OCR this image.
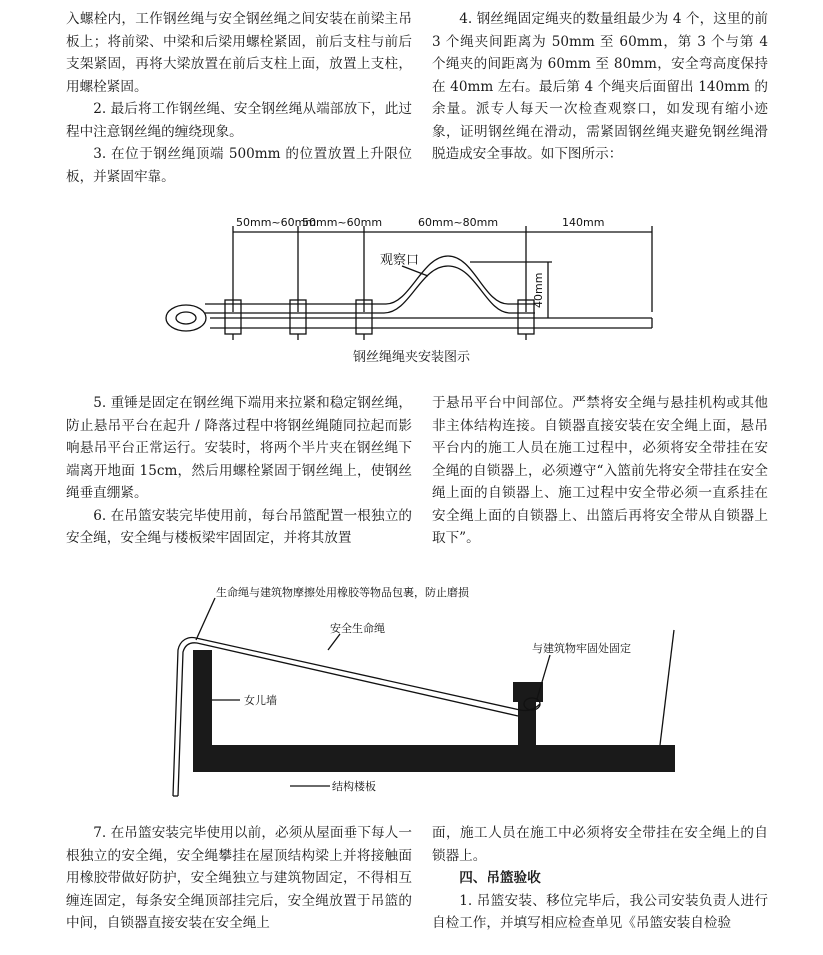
入螺栓内，工作钢丝绳与安全钢丝绳之间安装在前梁主吊板上；将前梁、中梁和后梁用螺栓紧固，前后支柱与前后支架紧固，再将大梁放置在前后支柱上面，放置上支柱，用螺栓紧固。

2. 最后将工作钢丝绳、安全钢丝绳从端部放下，此过程中注意钢丝绳的缠绕现象。

3. 在位于钢丝绳顶端 500mm 的位置放置上升限位板，并紧固牢靠。

4. 钢丝绳固定绳夹的数量组最少为 4 个，这里的前 3 个绳夹间距离为 50mm 至 60mm，第 3 个与第 4 个绳夹的间距离为 60mm 至 80mm，安全弯高度保持在 40mm 左右。最后第 4 个绳夹后面留出 140mm 的余量。派专人每天一次检查观察口，如发现有缩小迹象，证明钢丝绳在滑动，需紧固钢丝绳夹避免钢丝绳滑脱造成安全事故。如下图所示：

50mm~60mm
50mm~60mm	60mm~80mm	140mm
观察口
40mm
钢丝绳绳夹安装图示

5. 重锤是固定在钢丝绳下端用来拉紧和稳定钢丝绳，防止悬吊平台在起升 / 降落过程中将钢丝绳随同拉起而影响悬吊平台正常运行。安装时，将两个半片夹在钢丝绳下端离开地面 15cm，然后用螺栓紧固于钢丝绳上，使钢丝绳垂直绷紧。

6. 在吊篮安装完毕使用前，每台吊篮配置一根独立的安全绳，安全绳与楼板梁牢固固定，并将其放置

于悬吊平台中间部位。严禁将安全绳与悬挂机构或其他非主体结构连接。自锁器直接安装在安全绳上面，悬吊平台内的施工人员在施工过程中，必须将安全带挂在安全绳的自锁器上，必须遵守“入篮前先将安全带挂在安全绳上面的自锁器上、施工过程中安全带必须一直系挂在安全绳上面的自锁器上、出篮后再将安全带从自锁器上取下”。

生命绳与建筑物摩擦处用橡胶等物品包裹，防止磨损
安全生命绳
与建筑物牢固处固定
女儿墙
结构楼板

7. 在吊篮安装完毕使用以前，必须从屋面垂下每人一根独立的安全绳，安全绳攀挂在屋顶结构梁上并将接触面用橡胶带做好防护，安全绳独立与建筑物固定，不得相互缠连固定，每条安全绳顶部挂完后，安全绳放置于吊篮的中间，自锁器直接安装在安全绳上

面，施工人员在施工中必须将安全带挂在安全绳上的自锁器上。

四、吊篮验收

1. 吊篮安装、移位完毕后，我公司安装负责人进行自检工作，并填写相应检查单见《吊篮安装自检验
